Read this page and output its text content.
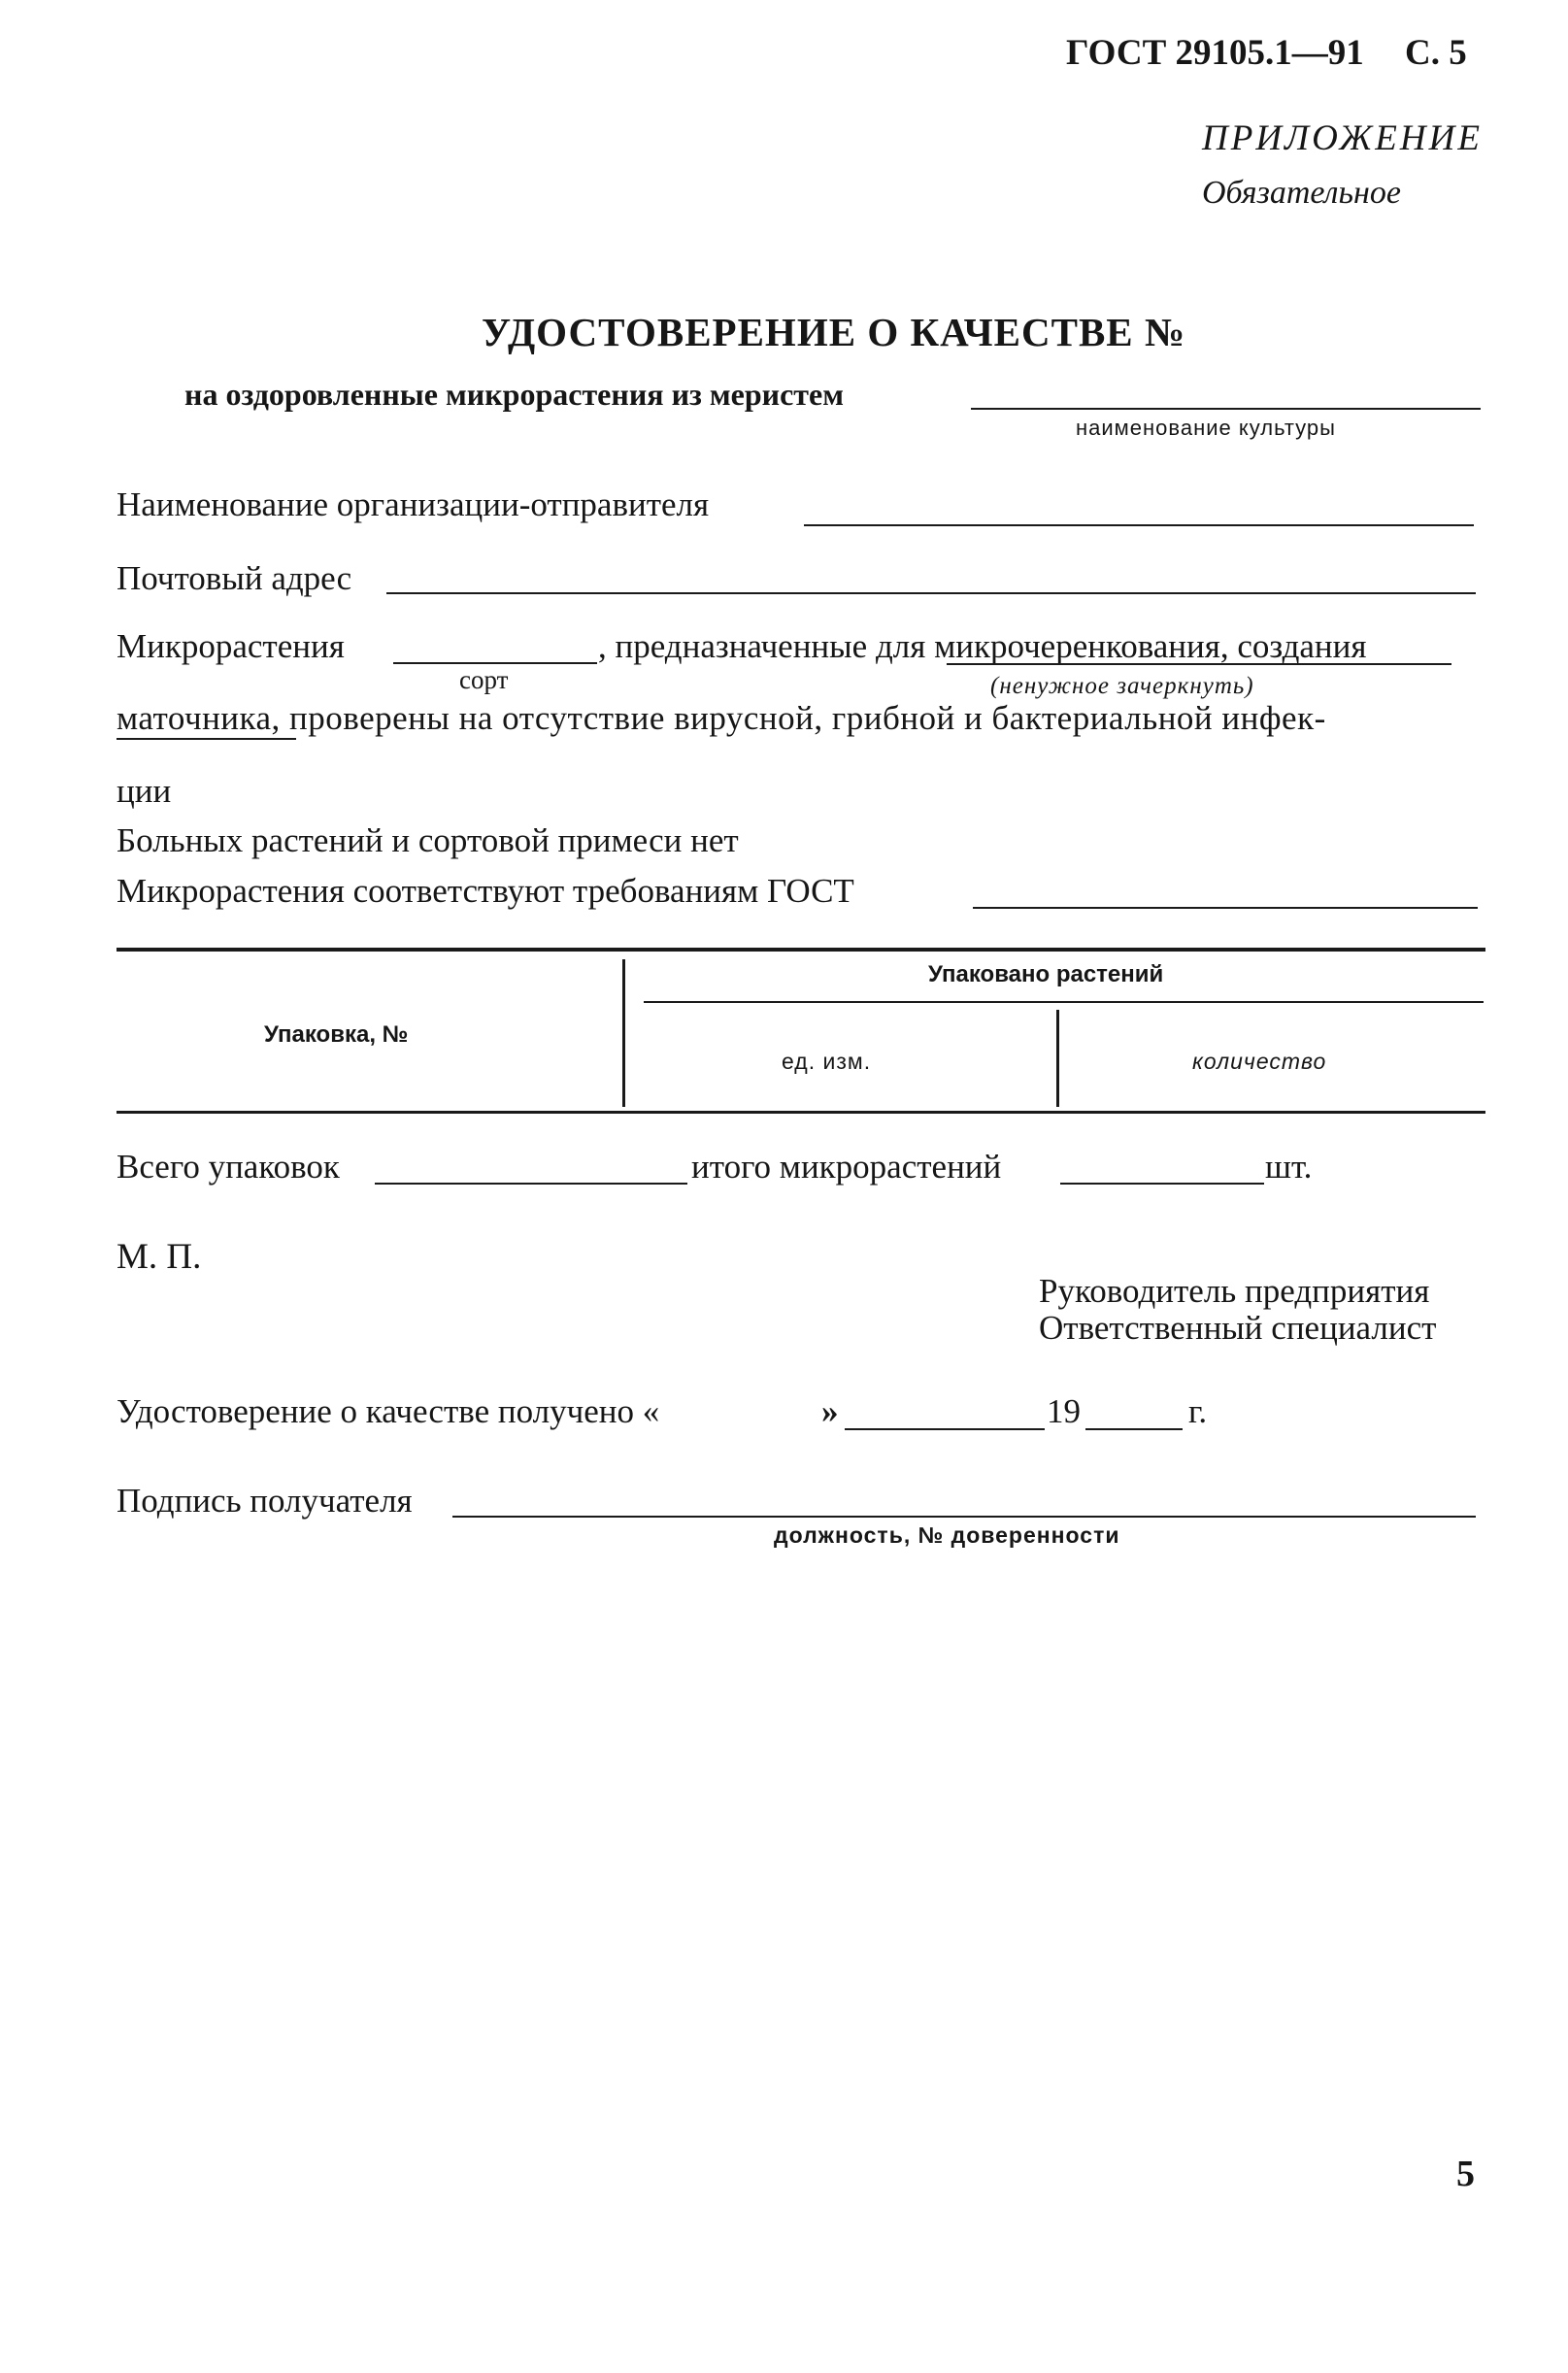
ГОСТ 29105.1—91 С. 5
ПРИЛОЖЕНИЕ
Обязательное
УДОСТОВЕРЕНИЕ О КАЧЕСТВЕ №
на оздоровленные микрорастения из меристем
наименование культуры
Наименование организации-отправителя
Почтовый адрес
Микрорастения
сорт
, предназначенные для микрочеренкования, создания
(ненужное зачеркнуть)
маточника, проверены на отсутствие вирусной, грибной и бактериальной инфек-
ции
Больных растений и сортовой примеси нет
Микрорастения соответствуют требованиям ГОСТ
Упаковано растений
Упаковка, №
ед. изм.	количество
Всего упаковок	итого микрорастений	шт.
М. П.
Руководитель предприятия
Ответственный специалист
Удостоверение о качестве получено «	»	19	г.
Подпись получателя
должность, № доверенности
5
